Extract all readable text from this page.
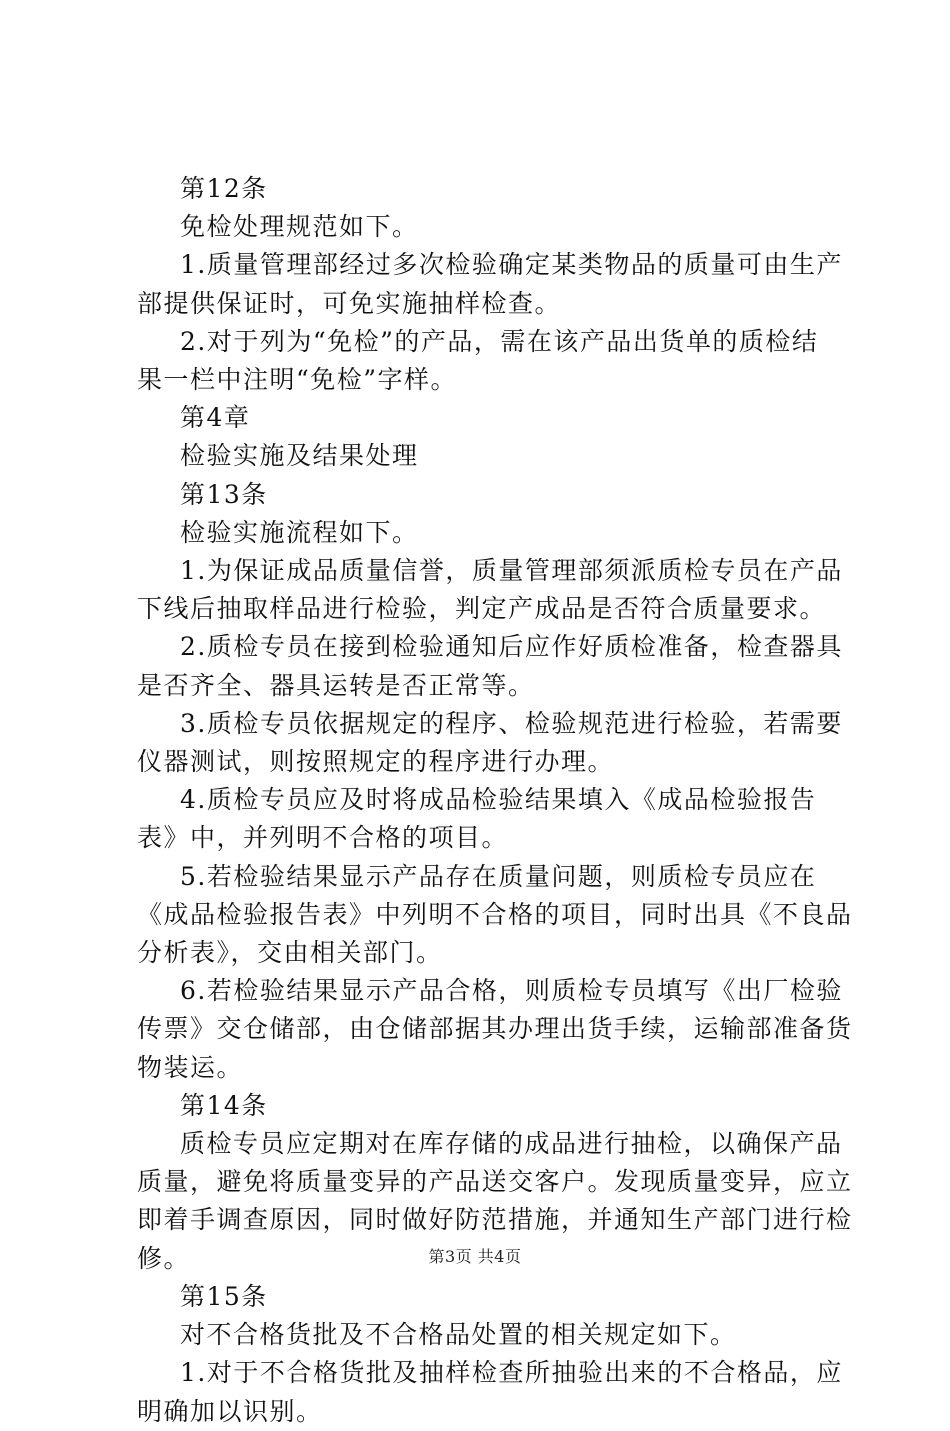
第12条

免检处理规范如下。

1.质量管理部经过多次检验确定某类物品的质量可由生产

部提供保证时，可免实施抽样检查。

2.对于列为“免检”的产品，需在该产品出货单的质检结

果一栏中注明“免检”字样。

第4章

检验实施及结果处理

第13条

检验实施流程如下。

1.为保证成品质量信誉，质量管理部须派质检专员在产品

下线后抽取样品进行检验，判定产成品是否符合质量要求。

2.质检专员在接到检验通知后应作好质检准备，检查器具

是否齐全、器具运转是否正常等。

3.质检专员依据规定的程序、检验规范进行检验，若需要

仪器测试，则按照规定的程序进行办理。

4.质检专员应及时将成品检验结果填入《成品检验报告

表》中，并列明不合格的项目。

5.若检验结果显示产品存在质量问题，则质检专员应在

《成品检验报告表》中列明不合格的项目，同时出具《不良品

分析表》，交由相关部门。

6.若检验结果显示产品合格，则质检专员填写《出厂检验

传票》交仓储部，由仓储部据其办理出货手续，运输部准备货

物装运。

第14条

质检专员应定期对在库存储的成品进行抽检，以确保产品

质量，避免将质量变异的产品送交客户。发现质量变异，应立

即着手调查原因，同时做好防范措施，并通知生产部门进行检

修。

第15条

对不合格货批及不合格品处置的相关规定如下。

1.对于不合格货批及抽样检查所抽验出来的不合格品，应

明确加以识别。

第3页 共4页
